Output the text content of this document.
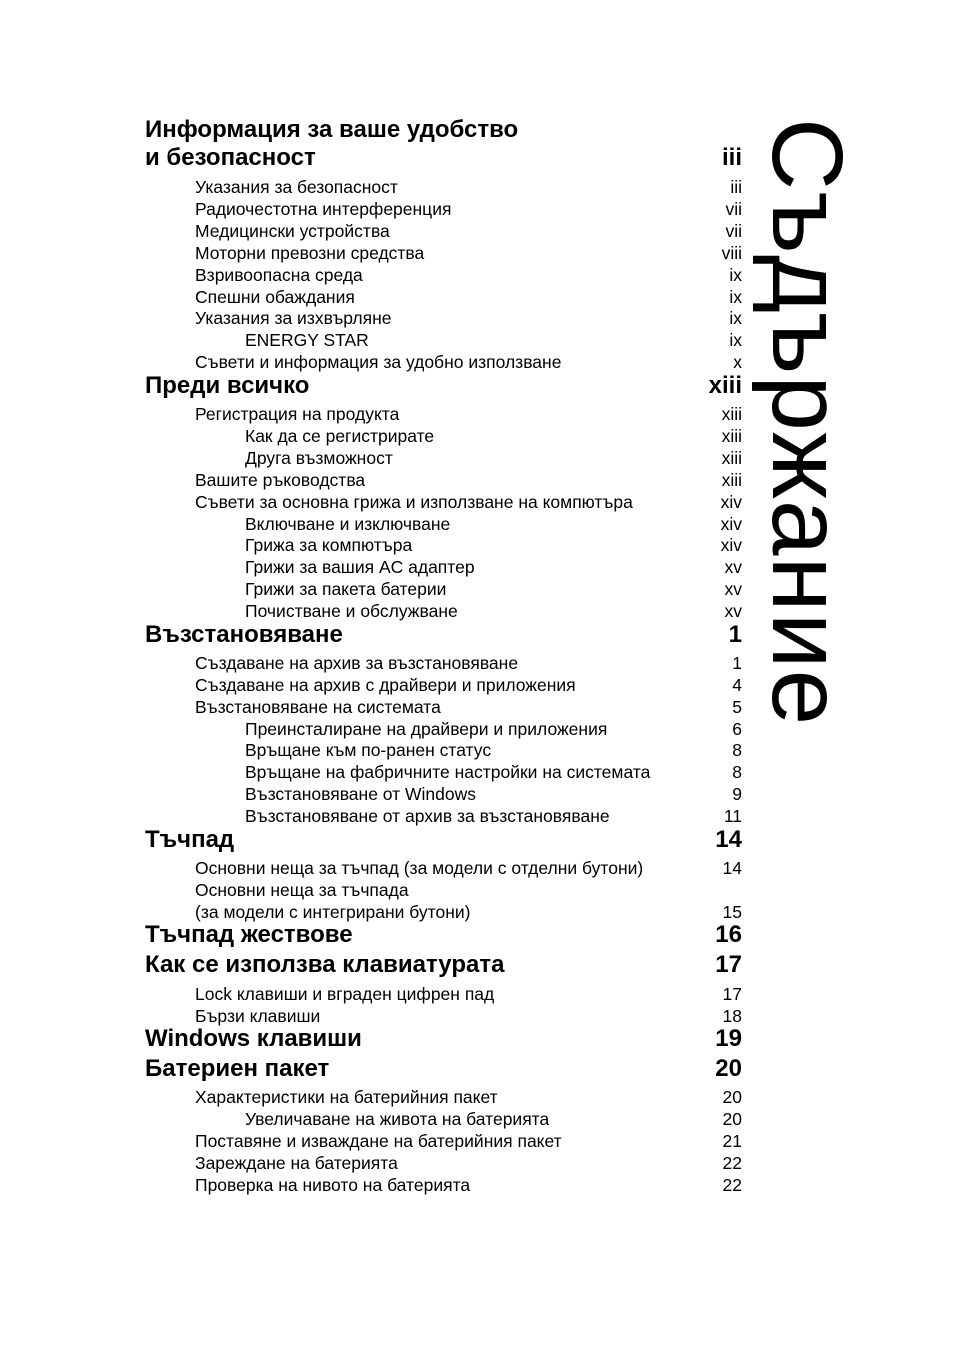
Информация за ваше удобство
и безопасност	iii
Указания за безопасност	iii
Радиочестотна интерференция	vii
Медицински устройства	vii
Моторни превозни средства	viii
Взривоопасна среда	ix
Спешни обаждания	ix
Указания за изхвърляне	ix
ENERGY STAR	ix
Съвети и информация за удобно използване	x
Преди всичко	xiii
Регистрация на продукта	xiii
Как да се регистрирате	xiii
Друга възможност	xiii
Вашите ръководства	xiii
Съвети за основна грижа и използване на компютъра	xiv
Включване и изключване	xiv
Грижа за компютъра	xiv
Грижи за вашия AC адаптер	xv
Грижи за пакета батерии	xv
Почистване и обслужване	xv
Възстановяване	1
Създаване на архив за възстановяване	1
Създаване на архив с драйвери и приложения	4
Възстановяване на системата	5
Преинсталиране на драйвери и приложения	6
Връщане към по-ранен статус	8
Връщане на фабричните настройки на системата	8
Възстановяване от Windows	9
Възстановяване от архив за възстановяване	11
Тъчпад	14
Основни неща за тъчпад (за модели с отделни бутони)	14
Основни неща за тъчпада
(за модели с интегрирани бутони)	15
Тъчпад жествове	16
Как се използва клавиатурата	17
Lock клавиши и вграден цифрен пад	17
Бързи клавиши	18
Windows клавиши	19
Батериен пакет	20
Характеристики на батерийния пакет	20
Увеличаване на живота на батерията	20
Поставяне и изваждане на батерийния пакет	21
Зареждане на батерията	22
Проверка на нивото на батерията	22
Съдържание
